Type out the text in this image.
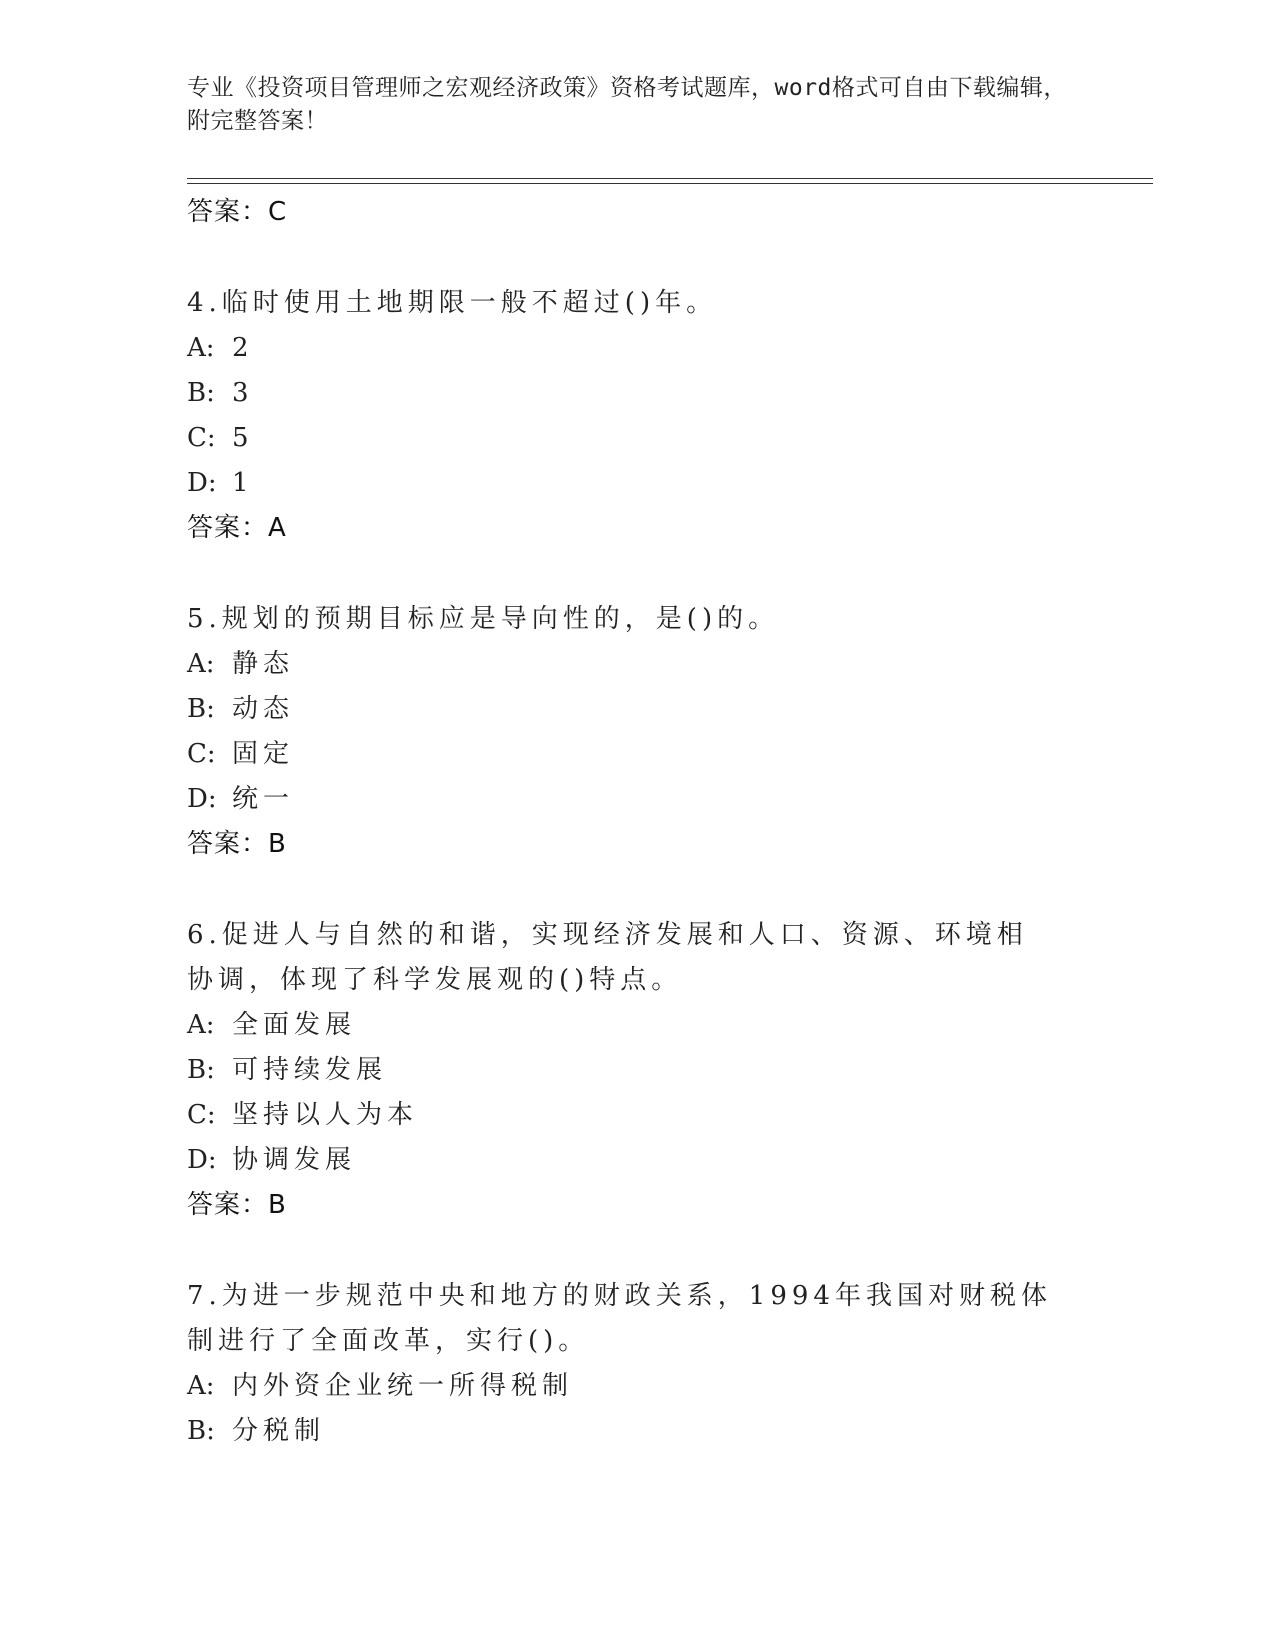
专业《投资项目管理师之宏观经济政策》资格考试题库，word格式可自由下载编辑，附完整答案！
答案：C
4.临时使用土地期限一般不超过()年。
A: 2
B: 3
C: 5
D: 1
答案：A
5.规划的预期目标应是导向性的，是()的。
A: 静态
B: 动态
C: 固定
D: 统一
答案：B
6.促进人与自然的和谐，实现经济发展和人口、资源、环境相协调，体现了科学发展观的()特点。
A: 全面发展
B: 可持续发展
C: 坚持以人为本
D: 协调发展
答案：B
7.为进一步规范中央和地方的财政关系，1994年我国对财税体制进行了全面改革，实行()。
A: 内外资企业统一所得税制
B: 分税制
